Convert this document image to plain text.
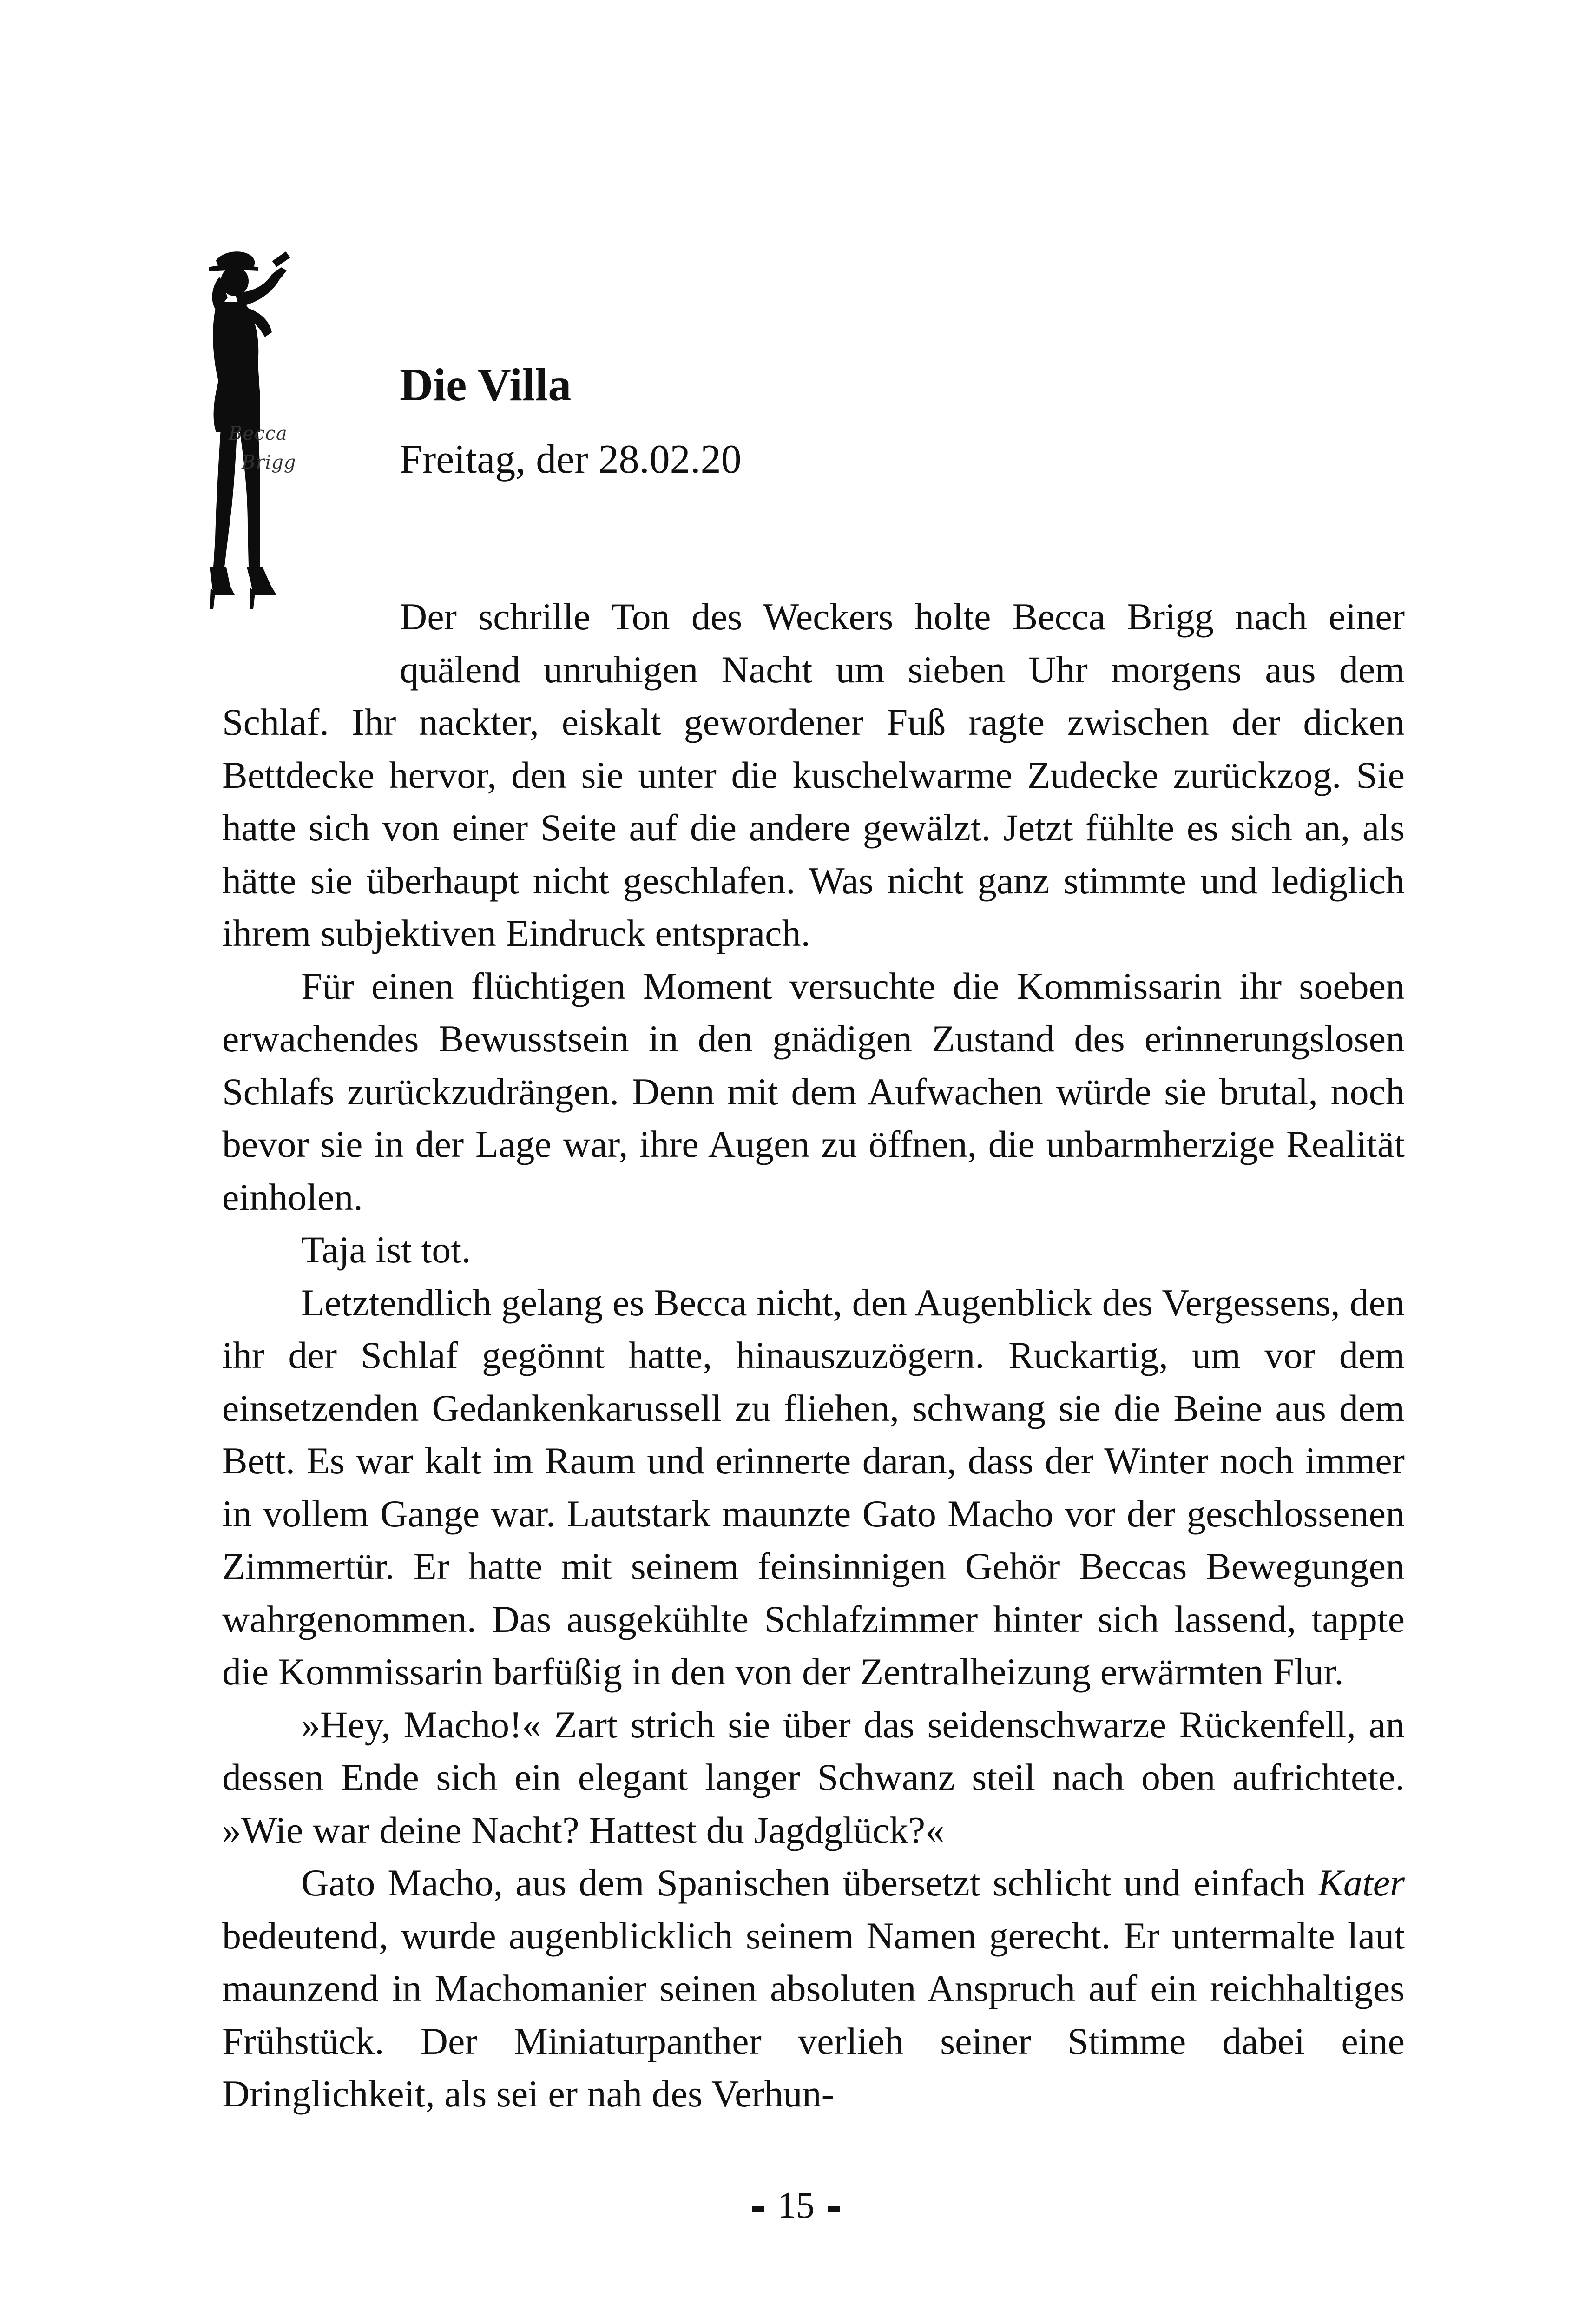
Becca
Brigg
Die Villa
Freitag, der 28.02.20

Der schrille Ton des Weckers holte Becca Brigg nach einer
quälend unruhigen Nacht um sieben Uhr morgens aus dem
Schlaf. Ihr nackter, eiskalt gewordener Fuß ragte zwischen der dicken Bettdecke hervor, den sie unter die kuschelwarme Zudecke zurückzog. Sie hatte sich von einer Seite auf die andere gewälzt. Jetzt fühlte es sich an, als hätte sie überhaupt nicht geschlafen. Was nicht ganz stimmte und lediglich ihrem subjektiven Eindruck entsprach.

Für einen flüchtigen Moment versuchte die Kommissarin ihr soeben erwachendes Bewusstsein in den gnädigen Zustand des erinnerungslosen Schlafs zurückzudrängen. Denn mit dem Aufwachen würde sie brutal, noch bevor sie in der Lage war, ihre Augen zu öffnen, die unbarmherzige Realität einholen.

Taja ist tot.

Letztendlich gelang es Becca nicht, den Augenblick des Vergessens, den ihr der Schlaf gegönnt hatte, hinauszuzögern. Ruckartig, um vor dem einsetzenden Gedankenkarussell zu fliehen, schwang sie die Beine aus dem Bett. Es war kalt im Raum und erinnerte daran, dass der Winter noch immer in vollem Gange war. Lautstark maunzte Gato Macho vor der geschlossenen Zimmertür. Er hatte mit seinem feinsinnigen Gehör Beccas Bewegungen wahrgenommen. Das ausgekühlte Schlafzimmer hinter sich lassend, tappte die Kommissarin barfüßig in den von der Zentralheizung erwärmten Flur.

»Hey, Macho!« Zart strich sie über das seidenschwarze Rückenfell, an dessen Ende sich ein elegant langer Schwanz steil nach oben aufrichtete. »Wie war deine Nacht? Hattest du Jagdglück?«

Gato Macho, aus dem Spanischen übersetzt schlicht und einfach Kater bedeutend, wurde augenblicklich seinem Namen gerecht. Er untermalte laut maunzend in Machomanier seinen absoluten Anspruch auf ein reichhaltiges Frühstück. Der Miniaturpanther verlieh seiner Stimme dabei eine Dringlichkeit, als sei er nah des Verhun-

15
